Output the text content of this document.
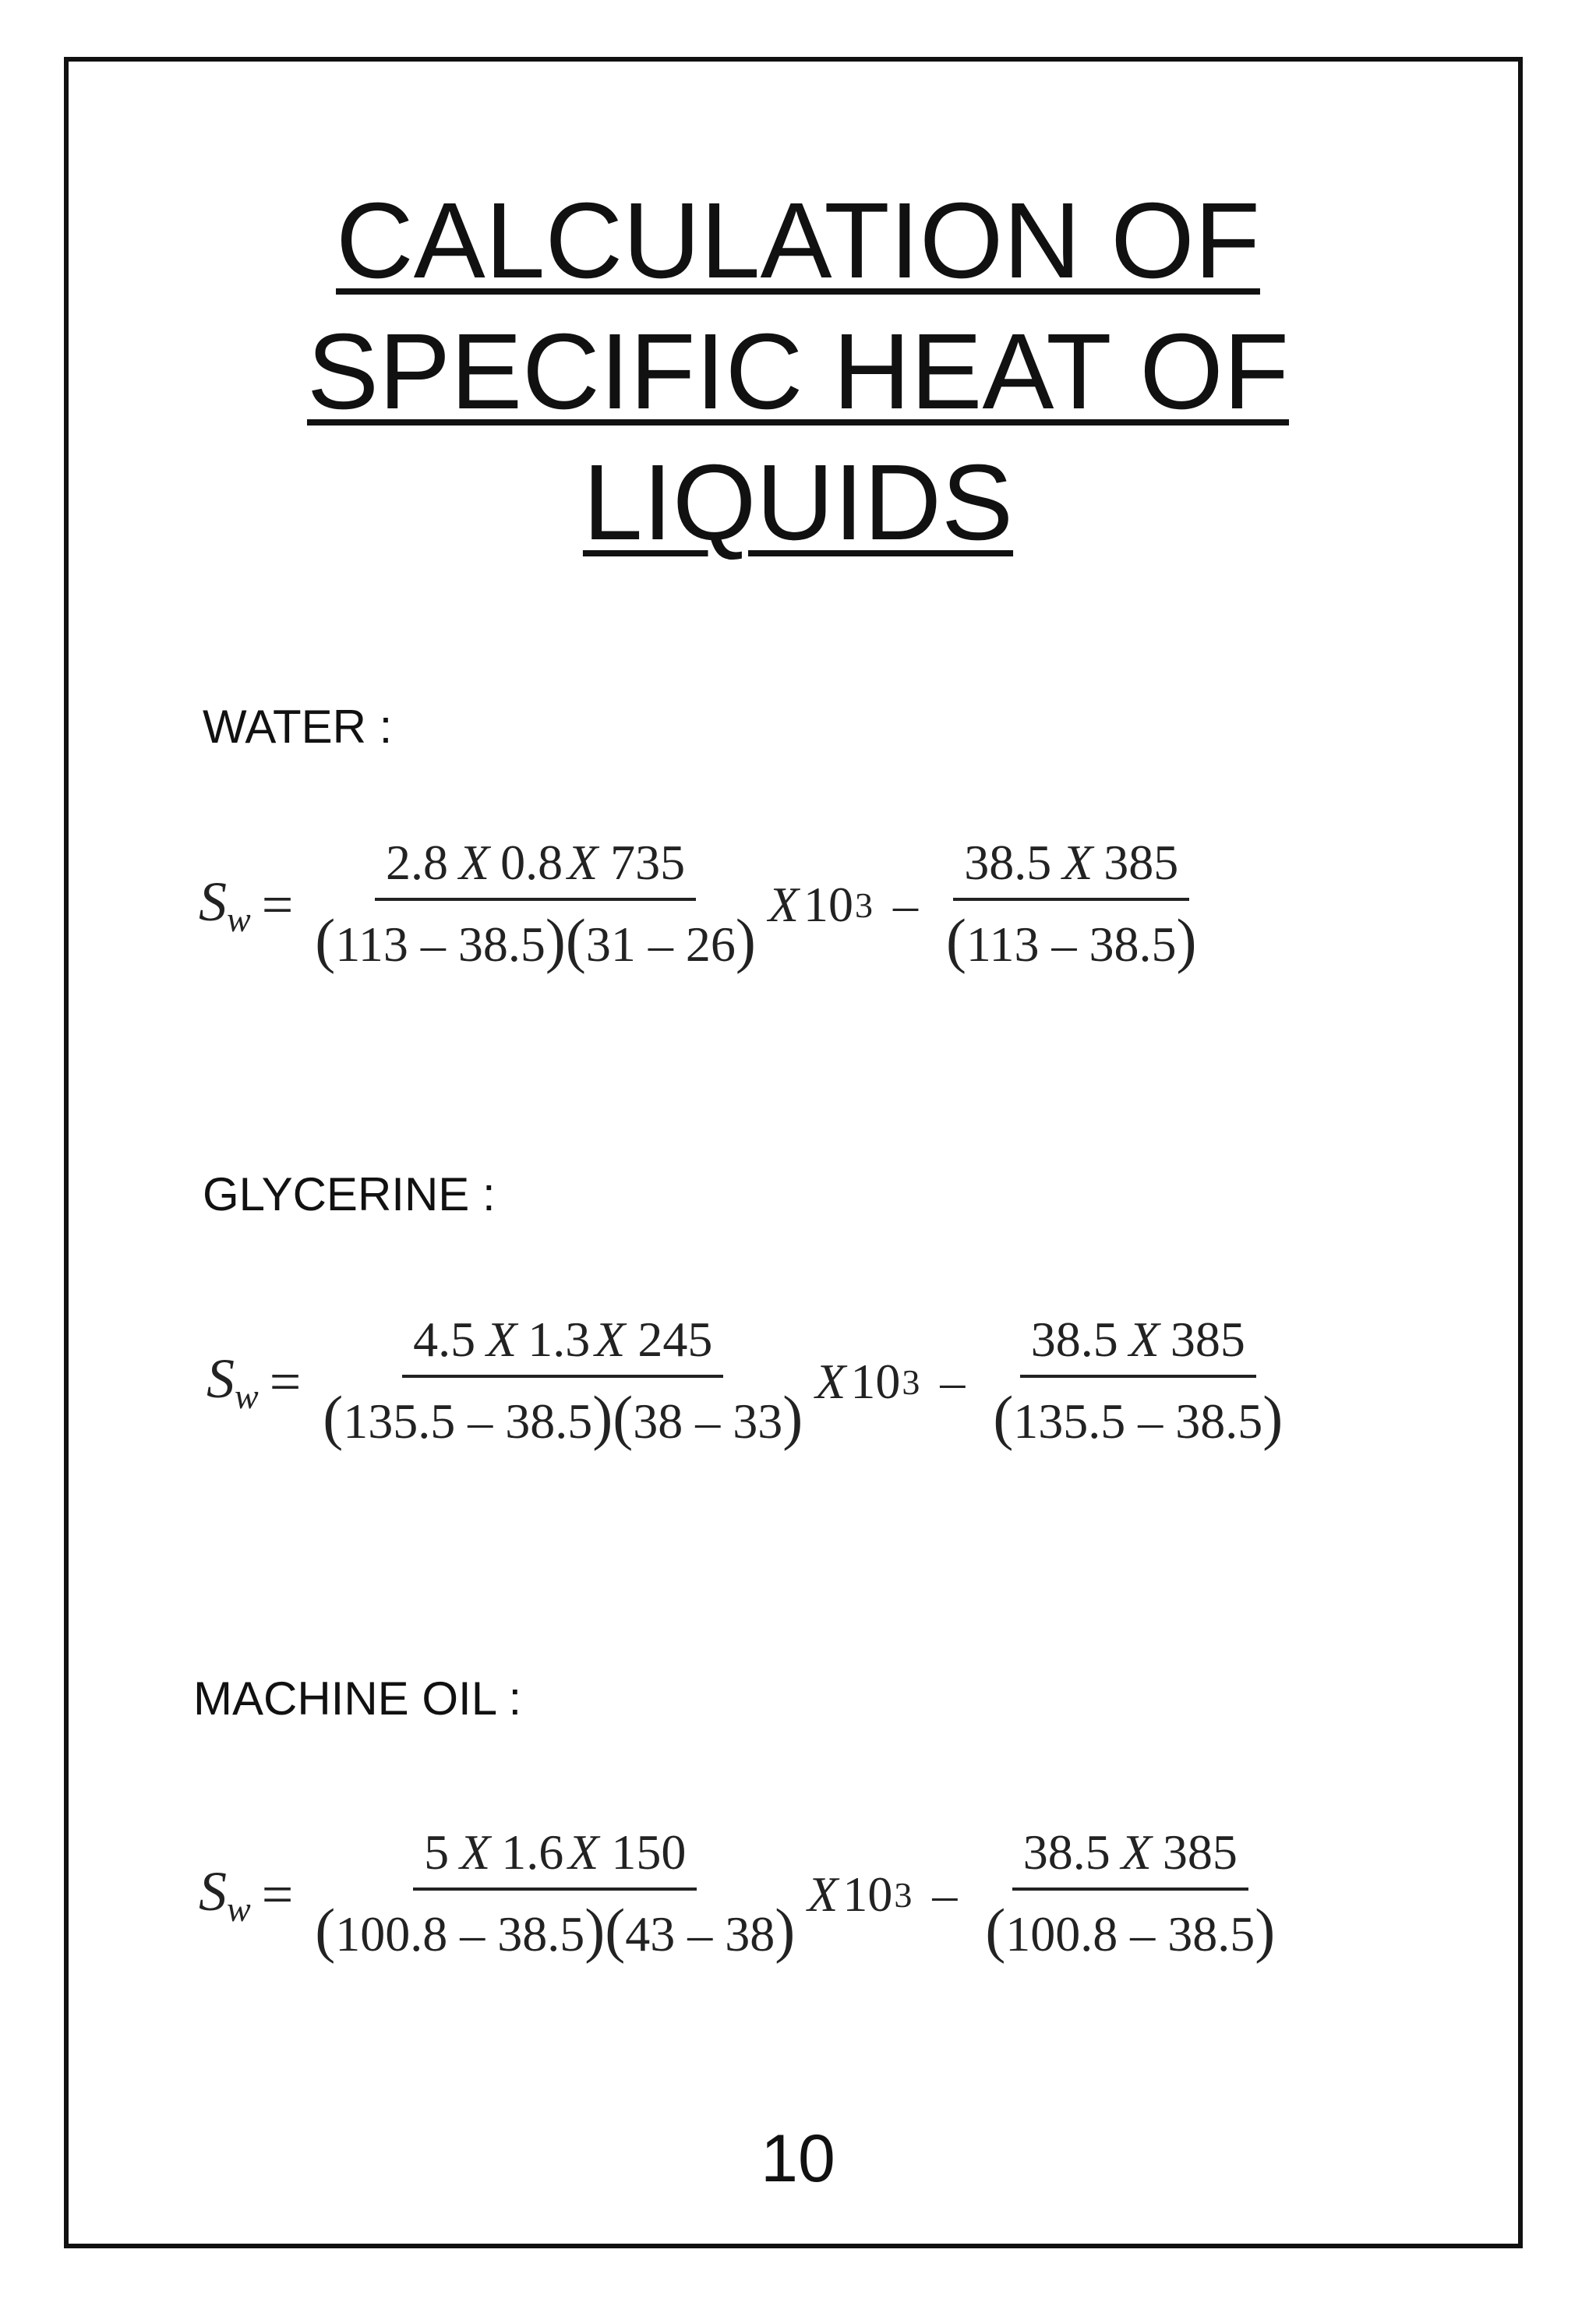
CALCULATION OF
SPECIFIC HEAT OF
LIQUIDS
WATER :
$S_w = \frac{2.8 X 0.8X 735}{(113 - 38.5)(31 - 26)}$ X 10 $3 - \frac{38.5 X 385}{(113 - 38.5)}$
GLYCERINE :
$S_w = \frac{4.5 X 1.3X 245}{(135.5 - 38.5)(38 - 33)}$ X 10 $3 - \frac{38.5 X 385}{(135.5 - 38.5)}$
MACHINE OIL :
$S_w = \frac{5 X 1.6X 150}{(100.8 - 38.5)(43 - 38)}$ X 10 $3 - \frac{38.5 X 385}{(100.8 - 38.5)}$
10
